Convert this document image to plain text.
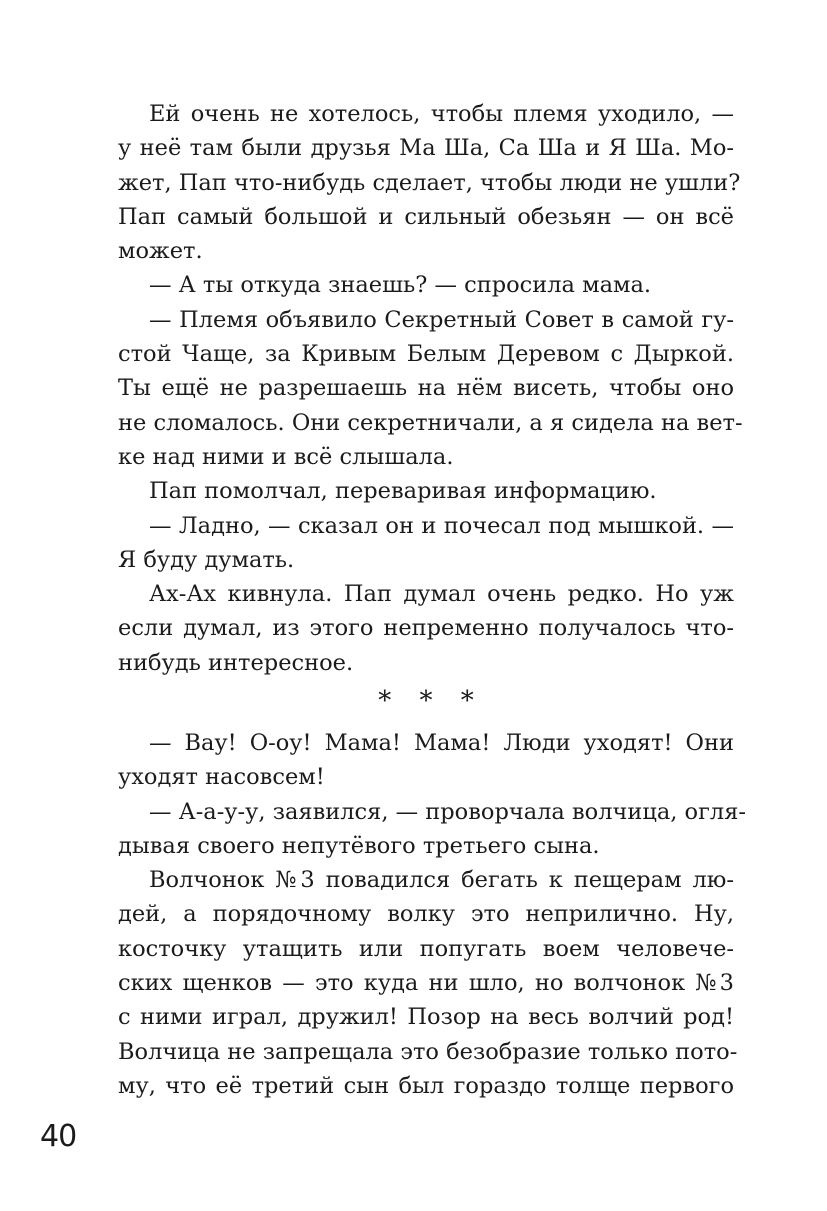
Ей очень не хотелось, чтобы племя уходило, —
у неё там были друзья Ма Ша, Са Ша и Я Ша. Мо-
жет, Пап что-нибудь сделает, чтобы люди не ушли?
Пап самый большой и сильный обезьян — он всё
может.
— А ты откуда знаешь? — спросила мама.
— Племя объявило Секретный Совет в самой гу-
стой Чаще, за Кривым Белым Деревом с Дыркой.
Ты ещё не разрешаешь на нём висеть, чтобы оно
не сломалось. Они секретничали, а я сидела на вет-
ке над ними и всё слышала.
Пап помолчал, переваривая информацию.
— Ладно, — сказал он и почесал под мышкой. —
Я буду думать.
Ах-Ах кивнула. Пап думал очень редко. Но уж
если думал, из этого непременно получалось что-
нибудь интересное.
* * *
— Вау! О-оу! Мама! Мама! Люди уходят! Они
уходят насовсем!
— А-а-у-у, заявился, — проворчала волчица, огля-
дывая своего непутёвого третьего сына.
Волчонок №3 повадился бегать к пещерам лю-
дей, а порядочному волку это неприлично. Ну,
косточку утащить или попугать воем человече-
ских щенков — это куда ни шло, но волчонок №3
с ними играл, дружил! Позор на весь волчий род!
Волчица не запрещала это безобразие только пото-
му, что её третий сын был гораздо толще первого
40
